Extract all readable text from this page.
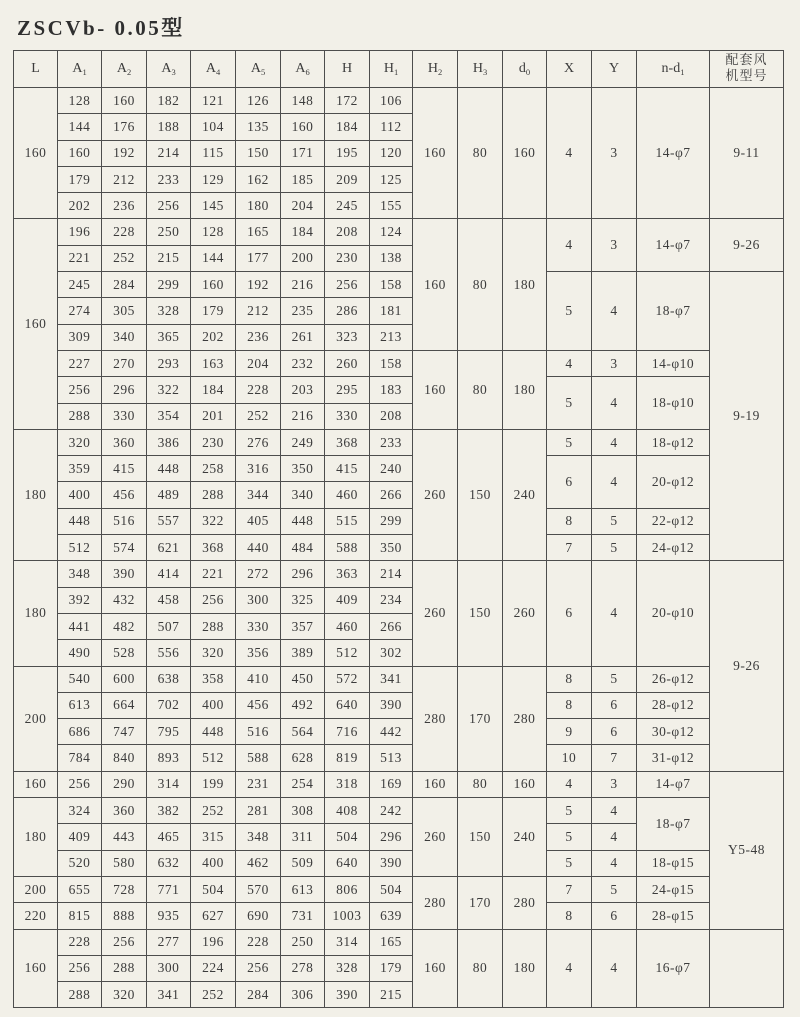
ZSCVb- 0.05型
L	$A_1$	$A_2$	$A_3$	$A_4$	$A_5$	$A_6$	H	$H_1$	$H_2$	$H_3$	$d_0$	X	Y	$n-d_1$	配套风
机型号
160	128	160	182	121	126	148	172	106	160	80	160	4	3	14-φ7	9-11
	144	176	188	104	135	160	184	112							
	160	192	214	115	150	171	195	120							
	179	212	233	129	162	185	209	125							
	202	236	256	145	180	204	245	155							
160	196	228	250	128	165	184	208	124	160	80	180	4	3	14-φ7	9-26
	221	252	215	144	177	200	230	138							
	245	284	299	160	192	216	256	158				5	4	18-φ7	9-19
	274	305	328	179	212	235	286	181							
	309	340	365	202	236	261	323	213							
	227	270	293	163	204	232	260	158	160	80	180	4	3	14-φ10	
	256	296	322	184	228	203	295	183				5	4	18-φ10	
	288	330	354	201	252	216	330	208							
180	320	360	386	230	276	249	368	233	260	150	240	5	4	18-φ12	
	359	415	448	258	316	350	415	240				6	4	20-φ12	
	400	456	489	288	344	340	460	266							
	448	516	557	322	405	448	515	299				8	5	22-φ12	
	512	574	621	368	440	484	588	350				7	5	24-φ12	
180	348	390	414	221	272	296	363	214	260	150	260	6	4	20-φ10	9-26
	392	432	458	256	300	325	409	234							
	441	482	507	288	330	357	460	266							
	490	528	556	320	356	389	512	302							
200	540	600	638	358	410	450	572	341	280	170	280	8	5	26-φ12	
	613	664	702	400	456	492	640	390				8	6	28-φ12	
	686	747	795	448	516	564	716	442				9	6	30-φ12	
	784	840	893	512	588	628	819	513				10	7	31-φ12	
160	256	290	314	199	231	254	318	169	160	80	160	4	3	14-φ7	Y5-48
180	324	360	382	252	281	308	408	242	260	150	240	5	4	18-φ7	
	409	443	465	315	348	311	504	296				5	4		
	520	580	632	400	462	509	640	390				5	4	18-φ15	
200	655	728	771	504	570	613	806	504	280	170	280	7	5	24-φ15	
220	815	888	935	627	690	731	1003	639				8	6	28-φ15	
160	228	256	277	196	228	250	314	165	160	80	180	4	4	16-φ7	
	256	288	300	224	256	278	328	179							
	288	320	341	252	284	306	390	215							
